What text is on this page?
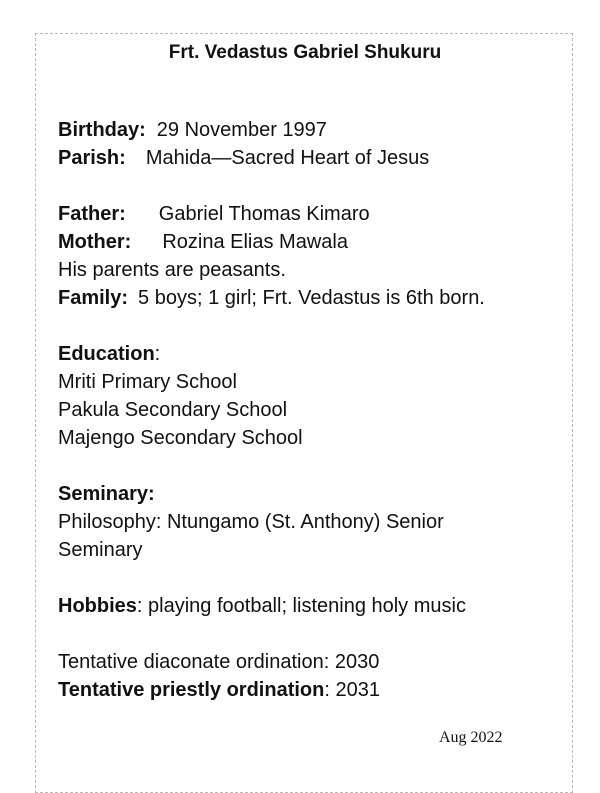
Frt. Vedastus Gabriel Shukuru
Birthday: 29 November 1997
Parish: Mahida—Sacred Heart of Jesus
Father: Gabriel Thomas Kimaro
Mother: Rozina Elias Mawala
His parents are peasants.
Family: 5 boys; 1 girl; Frt. Vedastus is 6th born.
Education:
Mriti Primary School
Pakula Secondary School
Majengo Secondary School
Seminary:
Philosophy: Ntungamo (St. Anthony) Senior
Seminary
Hobbies: playing football; listening holy music
Tentative diaconate ordination: 2030
Tentative priestly ordination: 2031
Aug 2022
